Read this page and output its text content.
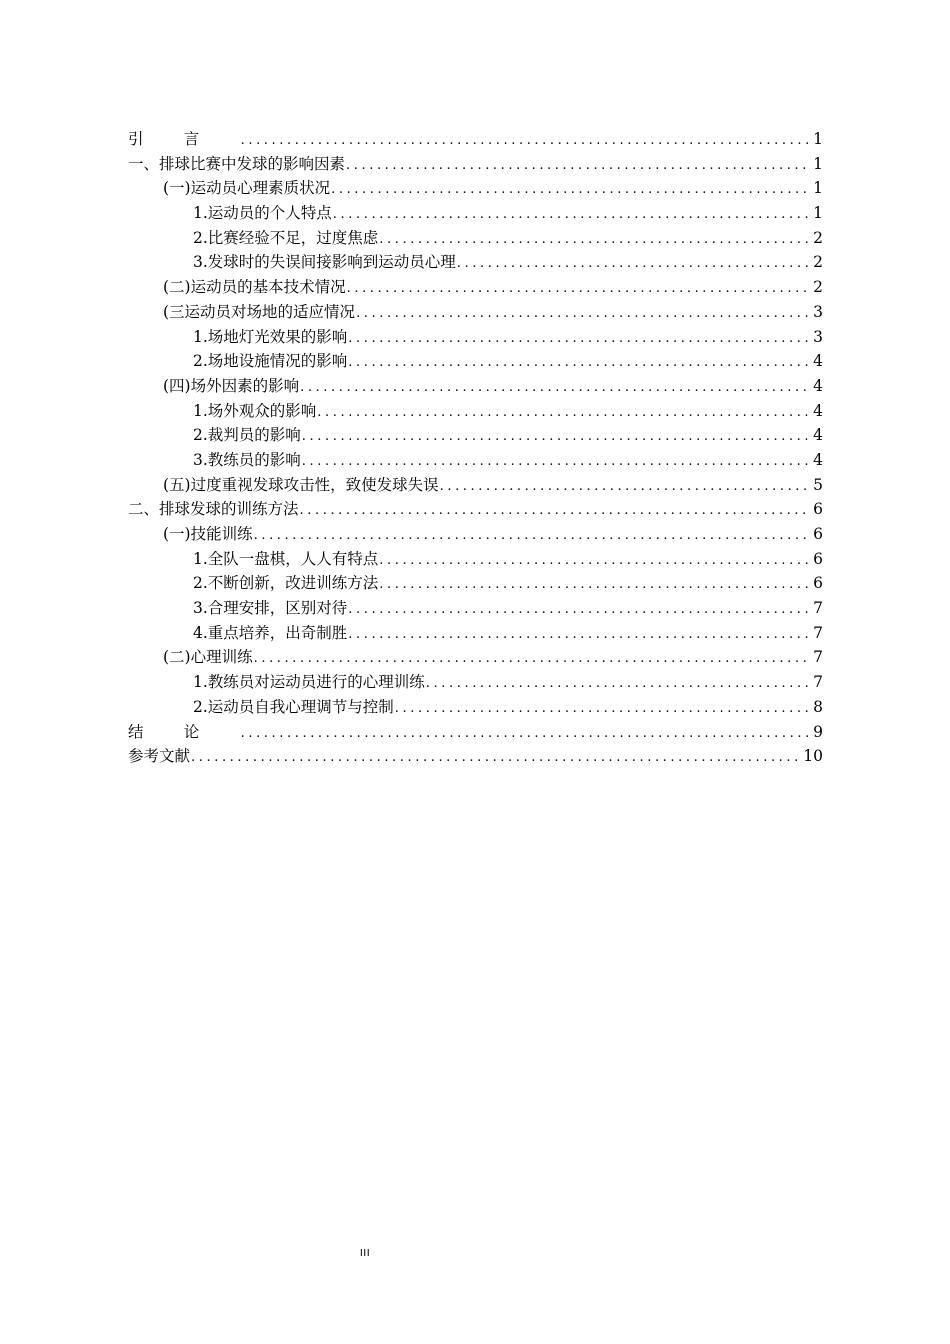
引言 .....	1
一、排球比赛中发球的影响因素 .....	1
(一)运动员心理素质状况 .....	1
1.运动员的个人特点 .....	1
2.比赛经验不足，过度焦虑 .....	2
3.发球时的失误间接影响到运动员心理 .....	2
(二)运动员的基本技术情况 .....	2
(三运动员对场地的适应情况 .....	3
1.场地灯光效果的影响 .....	3
2.场地设施情况的影响 .....	4
(四)场外因素的影响 .....	4
1.场外观众的影响 .....	4
2.裁判员的影响 .....	4
3.教练员的影响 .....	4
(五)过度重视发球攻击性，致使发球失误 .....	5
二、排球发球的训练方法 .....	6
(一)技能训练 .....	6
1.全队一盘棋，人人有特点 .....	6
2.不断创新，改进训练方法 .....	6
3.合理安排，区别对待 .....	7
4.重点培养，出奇制胜 .....	7
(二)心理训练 .....	7
1.教练员对运动员进行的心理训练 .....	7
2.运动员自我心理调节与控制 .....	8
结论 .....	9
参考文献 .....	10
III
